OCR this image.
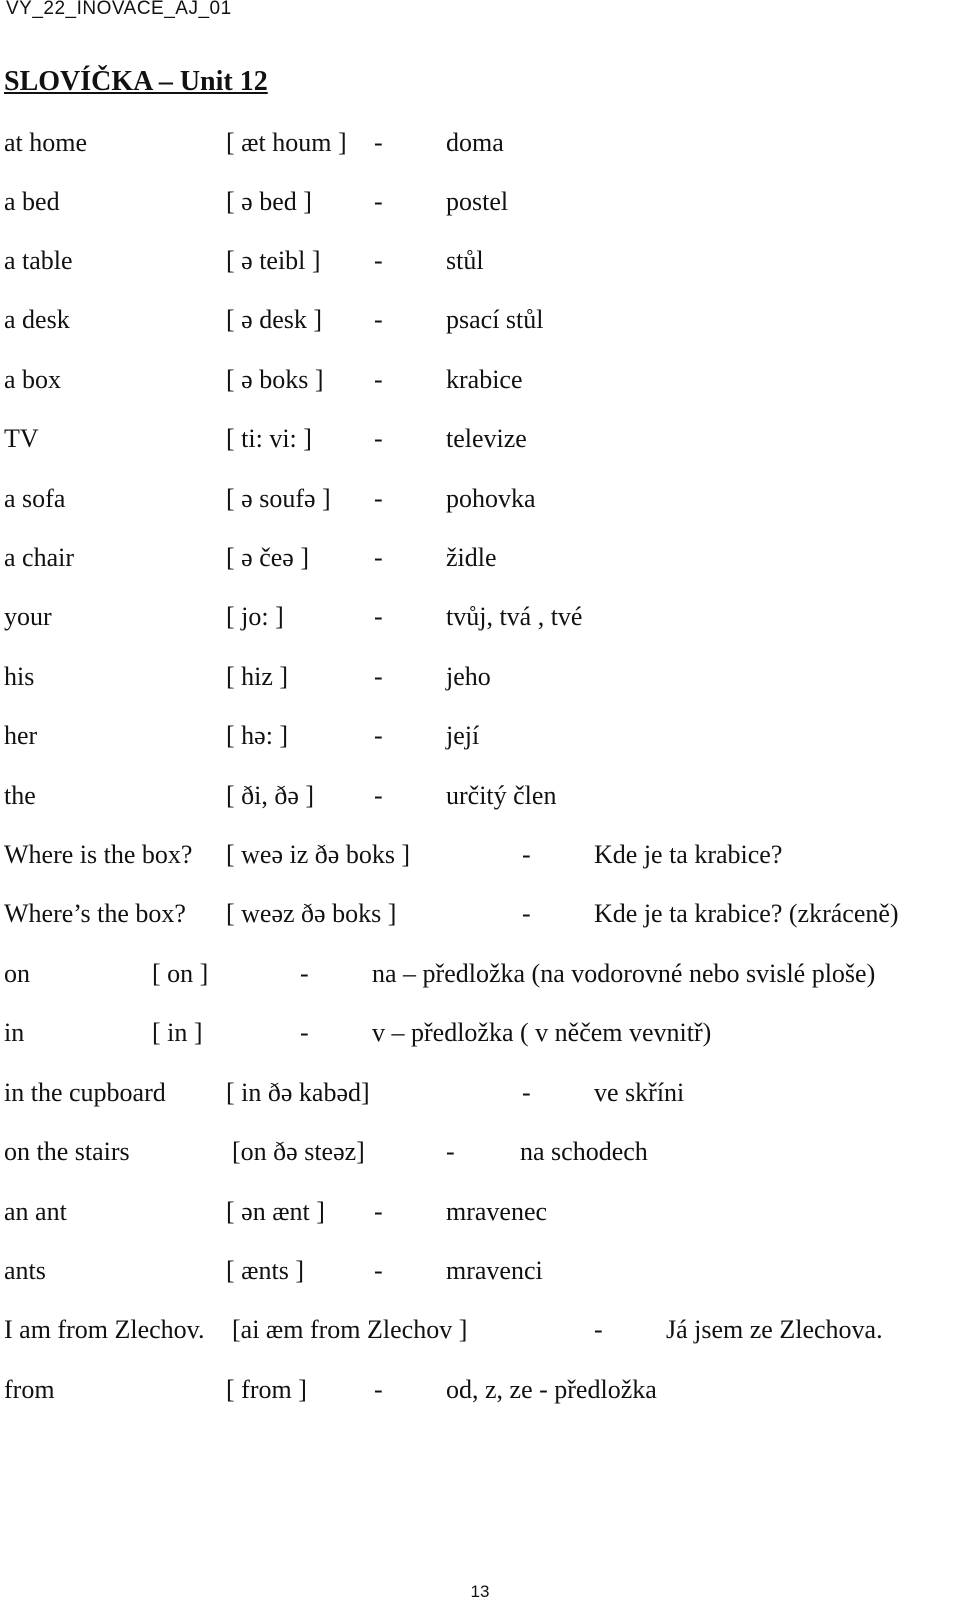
VY_22_INOVACE_AJ_01
SLOVÍČKA – Unit 12
at home	[ æt houm ] - doma
a bed	[ ə bed ] - postel
a table	[ ə teibl ] - stůl
a desk	[ ə desk ] - psací stůl
a box	[ ə boks ] - krabice
TV	[ ti: vi: ] - televize
a sofa	[ ə soufə ] - pohovka
a chair	[ ə čeə ]	- židle
your	[ jo: ]	- tvůj, tvá , tvé
his	[ hiz ]	- jeho
her	[ hə: ]	- její
the	[ ði, ðə ] - určitý člen
Where is the box? [ weə iz ðə boks ]	- Kde je ta krabice?
Where’s the box? [ weəz ðə boks ]	- Kde je ta krabice? (zkráceně)
on	[ on ]	- na – předložka (na vodorovné nebo svislé ploše)
in	[ in ]	- v – předložka ( v něčem vevnitř)
in the cupboard [ in ðə kabəd]	- ve skříni
on the stairs	[on ðə steəz]	-	na schodech
an ant	[ ən ænt ] - mravenec
ants	[ ænts ]	- mravenci
I am from Zlechov. [ai æm from Zlechov ]	- Já jsem ze Zlechova.
from	[ from ]	- od, z, ze - předložka
13
